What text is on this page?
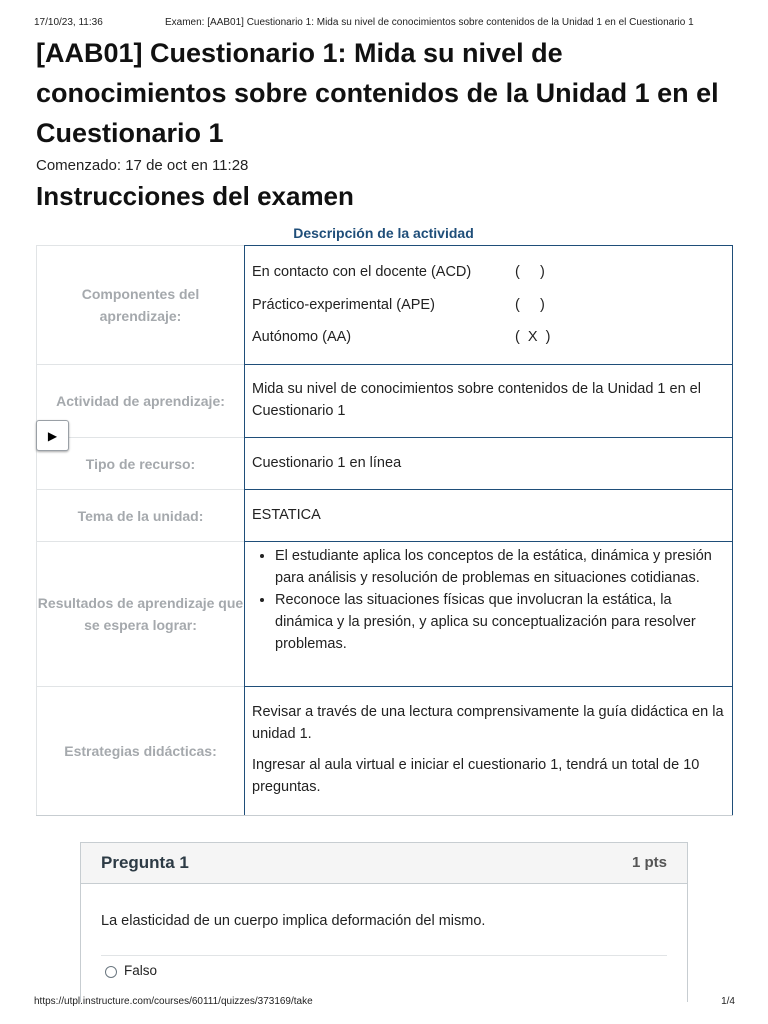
17/10/23, 11:36	Examen: [AAB01] Cuestionario 1: Mida su nivel de conocimientos sobre contenidos de la Unidad 1 en el Cuestionario 1
[AAB01] Cuestionario 1: Mida su nivel de conocimientos sobre contenidos de la Unidad 1 en el Cuestionario 1
Comenzado: 17 de oct en 11:28
Instrucciones del examen
Descripción de la actividad
Componentes del aprendizaje:
En contacto con el docente (ACD)	(     )
Práctico-experimental (APE)	(     )
Autónomo (AA)	(  X  )
Actividad de aprendizaje:

Mida su nivel de conocimientos sobre contenidos de la Unidad 1 en el Cuestionario 1

Tipo de recurso:	Cuestionario 1 en línea

Tema de la unidad:	ESTATICA

Resultados de aprendizaje que se espera lograr:
• El estudiante aplica los conceptos de la estática, dinámica y presión para análisis y resolución de problemas en situaciones cotidianas.
• Reconoce las situaciones físicas que involucran la estática, la dinámica y la presión, y aplica su conceptualización para resolver problemas.
Estrategias didácticas:

Revisar a través de una lectura comprensivamente la guía didáctica en la unidad 1.

Ingresar al aula virtual e iniciar el cuestionario 1, tendrá un total de 10 preguntas.

▶
Pregunta 1	1 pts
La elasticidad de un cuerpo implica deformación del mismo.
Falso
https://utpl.instructure.com/courses/60111/quizzes/373169/take	1/4
